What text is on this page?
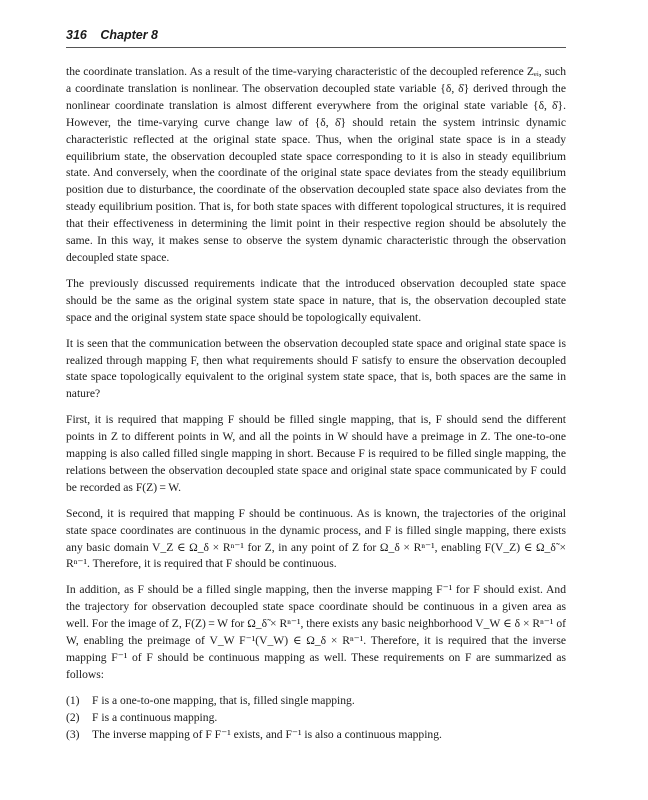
316 Chapter 8

the coordinate translation. As a result of the time-varying characteristic of the decoupled reference Zₑᵢ, such a coordinate translation is nonlinear. The observation decoupled state variable {δ, δ̇} derived through the nonlinear coordinate translation is almost different everywhere from the original state variable {δ, δ̇}. However, the time-varying curve change law of {δ, δ̇} should retain the system intrinsic dynamic characteristic reflected at the original state space. Thus, when the original state space is in a steady equilibrium state, the observation decoupled state space corresponding to it is also in steady equilibrium state. And conversely, when the coordinate of the original state space deviates from the steady equilibrium position due to disturbance, the coordinate of the observation decoupled state space also deviates from the steady equilibrium position. That is, for both state spaces with different topological structures, it is required that their effectiveness in determining the limit point in their respective region should be absolutely the same. In this way, it makes sense to observe the system dynamic characteristic through the observation decoupled state space.

The previously discussed requirements indicate that the introduced observation decoupled state space should be the same as the original system state space in nature, that is, the observation decoupled state space and the original system state space should be topologically equivalent.

It is seen that the communication between the observation decoupled state space and original state space is realized through mapping F, then what requirements should F satisfy to ensure the observation decoupled state space topologically equivalent to the original system state space, that is, both spaces are the same in nature?

First, it is required that mapping F should be filled single mapping, that is, F should send the different points in Z to different points in W, and all the points in W should have a preimage in Z. The one-to-one mapping is also called filled single mapping in short. Because F is required to be filled single mapping, the relations between the observation decoupled state space and original state space communicated by F could be recorded as F(Z) = W.

Second, it is required that mapping F should be continuous. As is known, the trajectories of the original state space coordinates are continuous in the dynamic process, and F is filled single mapping, there exists any basic domain V_Z ∈ Ω_δ × Rⁿ⁻¹ for Z, in any point of Z for Ω_δ × Rⁿ⁻¹, enabling F(V_Z) ∈ Ω_δ̃ × Rⁿ⁻¹. Therefore, it is required that F should be continuous.

In addition, as F should be a filled single mapping, then the inverse mapping F⁻¹ for F should exist. And the trajectory for observation decoupled state space coordinate should be continuous in a given area as well. For the image of Z, F(Z) = W for Ω_δ̃ × Rⁿ⁻¹, there exists any basic neighborhood V_W ∈ δ × Rⁿ⁻¹ of W, enabling the preimage of V_W F⁻¹(V_W) ∈ Ω_δ × Rⁿ⁻¹. Therefore, it is required that the inverse mapping F⁻¹ of F should be continuous mapping as well. These requirements on F are summarized as follows:

(1) F is a one-to-one mapping, that is, filled single mapping.
(2) F is a continuous mapping.
(3) The inverse mapping of F F⁻¹ exists, and F⁻¹ is also a continuous mapping.
